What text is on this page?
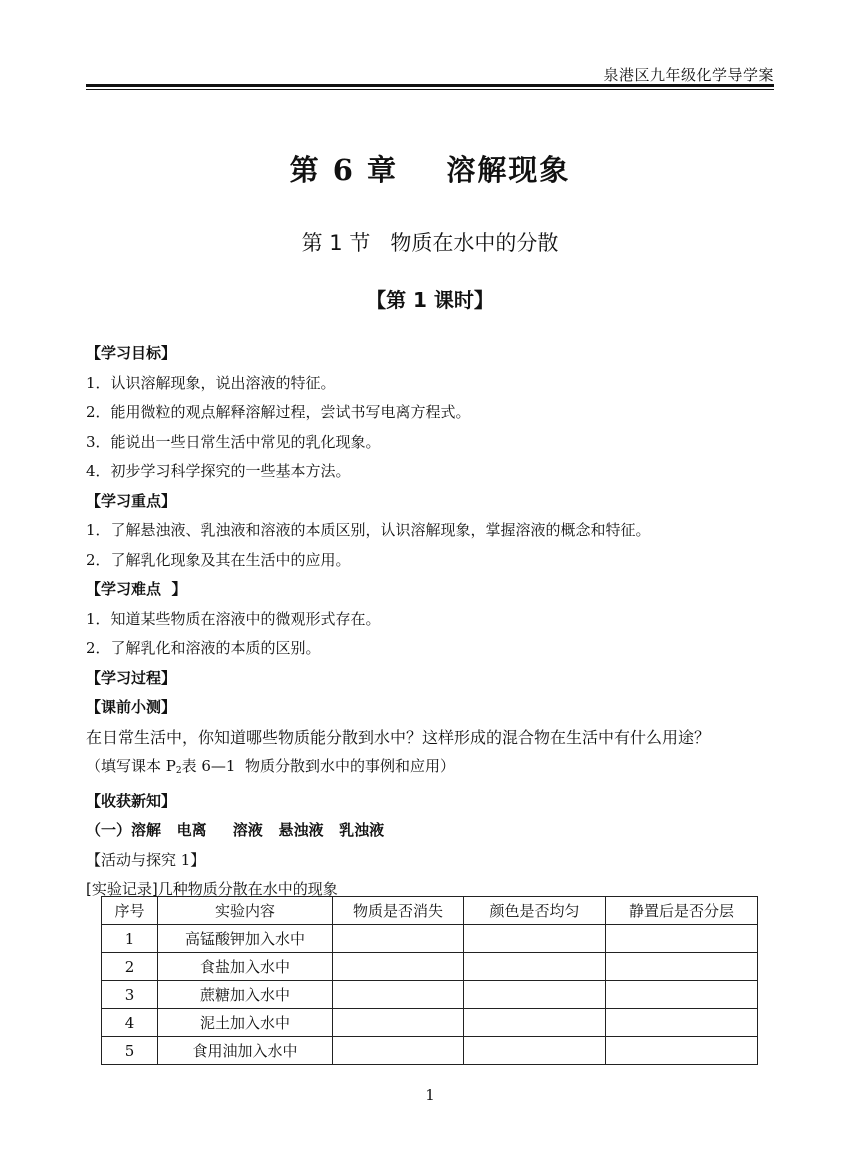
泉港区九年级化学导学案
第 6 章    溶解现象
第 1 节   物质在水中的分散
【第 1 课时】
【学习目标】
1．认识溶解现象，说出溶液的特征。
2．能用微粒的观点解释溶解过程，尝试书写电离方程式。
3．能说出一些日常生活中常见的乳化现象。
4．初步学习科学探究的一些基本方法。
【学习重点】
1．了解悬浊液、乳浊液和溶液的本质区别，认识溶解现象，掌握溶液的概念和特征。
2．了解乳化现象及其在生活中的应用。
【学习难点  】
1．知道某些物质在溶液中的微观形式存在。
2．了解乳化和溶液的本质的区别。
【学习过程】
【课前小测】
在日常生活中，你知道哪些物质能分散到水中？这样形成的混合物在生活中有什么用途？
（填写课本 $P_2$表 6—1  物质分散到水中的事例和应用）
【收获新知】
（一）溶解   电离     溶液   悬浊液   乳浊液
【活动与探究 1】
[实验记录]几种物质分散在水中的现象
序号	实验内容	物质是否消失	颜色是否均匀	静置后是否分层
1	高锰酸钾加入水中			
2	食盐加入水中			
3	蔗糖加入水中			
4	泥土加入水中			
5	食用油加入水中			
1
